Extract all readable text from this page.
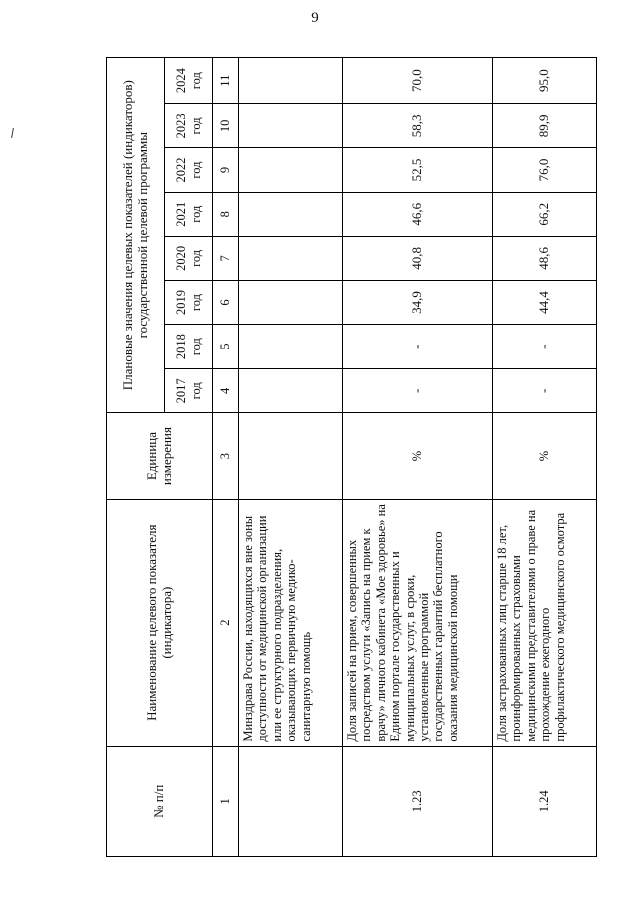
9
№ п/п	Наименование целевого показателя (индикатора)	Единица измерения	Плановые значения целевых показателей (индикаторов) государственной целевой программы							

			2017 год	2018 год	2019 год	2020 год	2021 год	2022 год	2023 год	2024 год
1	2	3	4	5	6	7	8	9	10	11
	Минздрава России, находящихся вне зоны доступности от медицинской организации или ее структурного подразделения, оказывающих первичную медико-санитарную помощь									
1.23	Доля записей на прием, совершенных посредством услуги «Запись на прием к врачу» личного кабинета «Мое здоровье» на Едином портале государственных и муниципальных услуг, в сроки, установленные программой государственных гарантий бесплатного оказания медицинской помощи	%	-	-	34,9	40,8	46,6	52,5	58,3	70,0
1.24	Доля застрахованных лиц старше 18 лет, проинформированных страховыми медицинскими представителями о праве на прохождение ежегодного профилактического медицинского осмотра	%	-	-	44,4	48,6	66,2	76,0	89,9	95,0
